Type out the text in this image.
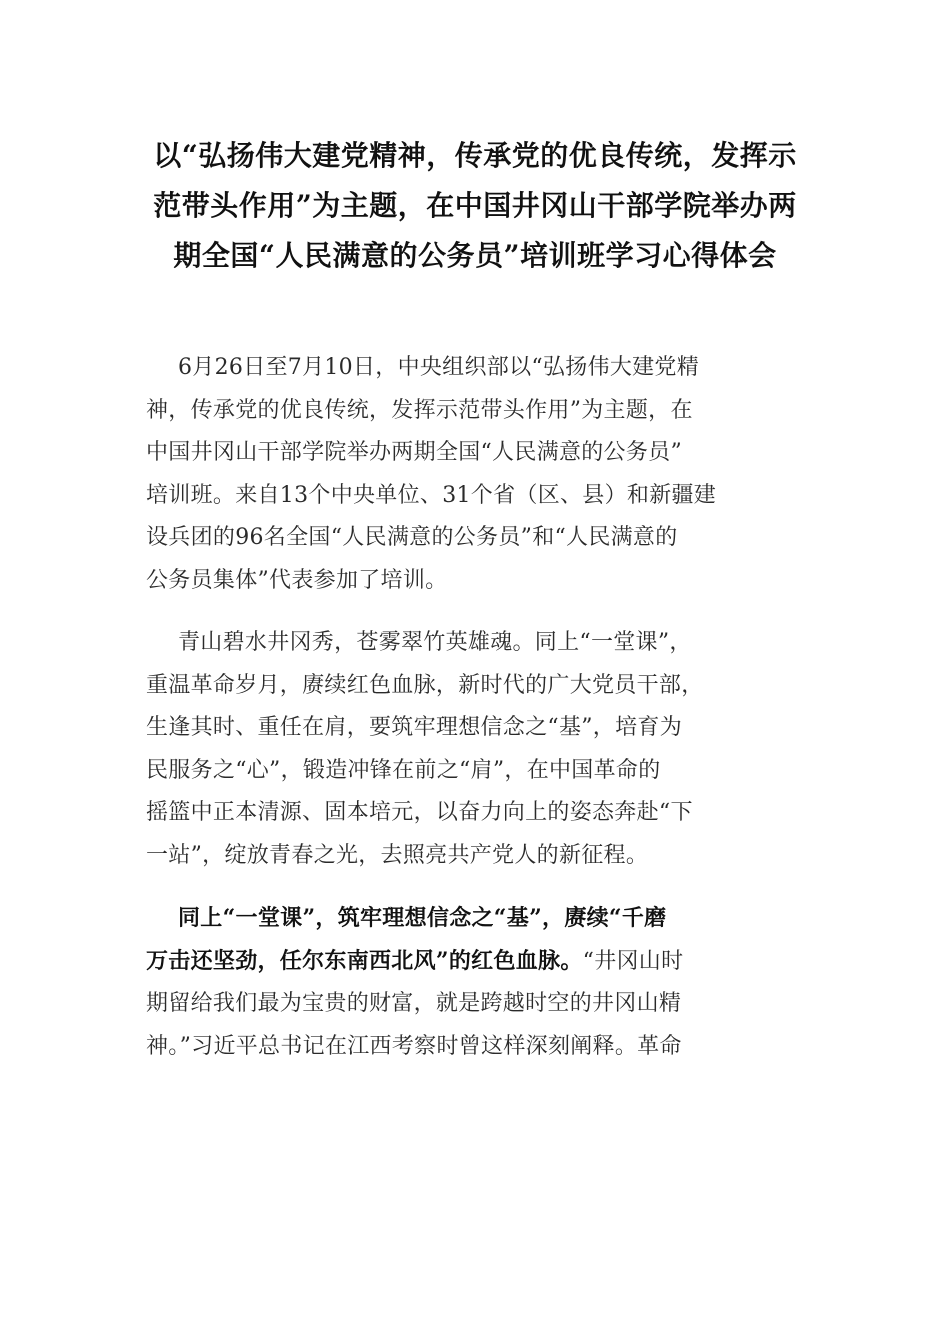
以“弘扬伟大建党精神，传承党的优良传统，发挥示
范带头作用”为主题，在中国井冈山干部学院举办两
期全国“人民满意的公务员”培训班学习心得体会
6月26日至7月10日，中央组织部以“弘扬伟大建党精
神，传承党的优良传统，发挥示范带头作用”为主题，在
中国井冈山干部学院举办两期全国“人民满意的公务员”
培训班。来自13个中央单位、31个省（区、县）和新疆建
设兵团的96名全国“人民满意的公务员”和“人民满意的
公务员集体”代表参加了培训。
青山碧水井冈秀，苍雾翠竹英雄魂。同上“一堂课”，
重温革命岁月，赓续红色血脉，新时代的广大党员干部，
生逢其时、重任在肩，要筑牢理想信念之“基”，培育为
民服务之“心”，锻造冲锋在前之“肩”，在中国革命的
摇篮中正本清源、固本培元，以奋力向上的姿态奔赴“下
一站”，绽放青春之光，去照亮共产党人的新征程。
同上“一堂课”，筑牢理想信念之“基”，赓续“千磨
万击还坚劲，任尔东南西北风”的红色血脉。“井冈山时
期留给我们最为宝贵的财富，就是跨越时空的井冈山精
神。”习近平总书记在江西考察时曾这样深刻阐释。革命
